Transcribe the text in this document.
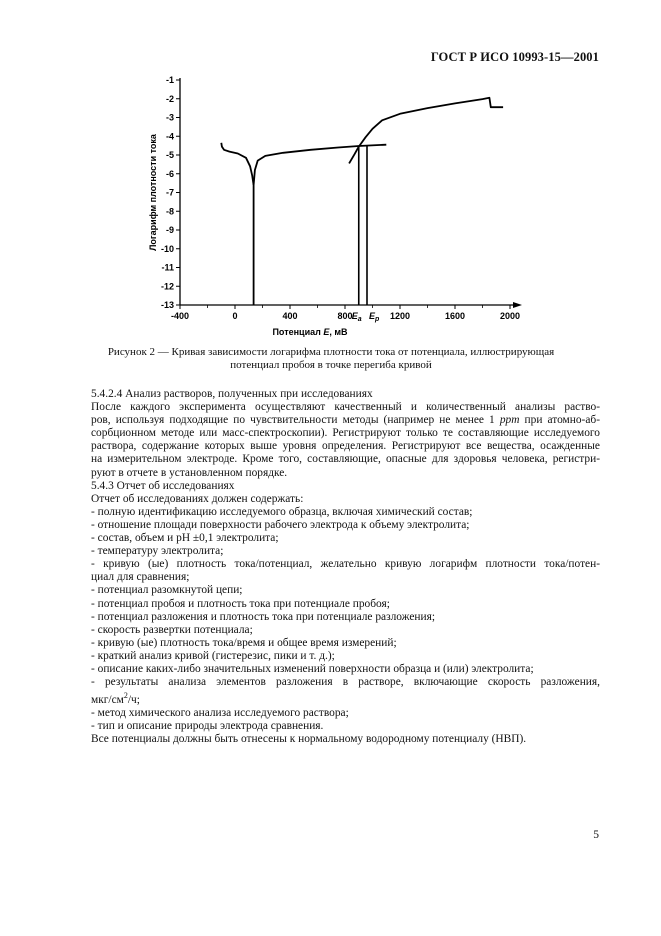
ГОСТ Р ИСО 10993-15—2001
-1
-2
-3
-4
-5
-6
-7
-8
-9
-10
-11
-12
-13
-400	0	400	800	1200	1600	2000
$E_a$ $E_p$
Логарифм плотности тока
Потенциал E, мВ
Рисунок 2 — Кривая зависимости логарифма плотности тока от потенциала, иллюстрирующая
потенциал пробоя в точке перегиба кривой

5.4.2.4 Анализ растворов, полученных при исследованиях

После каждого эксперимента осуществляют качественный и количественный анализы раство-
ров, используя подходящие по чувствительности методы (например не менее 1 ppm при атомно-аб-
сорбционном методе или масс-спектроскопии). Регистрируют только те составляющие исследуемого
раствора, содержание которых выше уровня определения. Регистрируют все вещества, осажденные
на измерительном электроде. Кроме того, составляющие, опасные для здоровья человека, регистри-
руют в отчете в установленном порядке.

5.4.3 Отчет об исследованиях

Отчет об исследованиях должен содержать:

- полную идентификацию исследуемого образца, включая химический состав;
- отношение площади поверхности рабочего электрода к объему электролита;
- состав, объем и pH ±0,1 электролита;
- температуру электролита;
- кривую (ые) плотность тока/потенциал, желательно кривую логарифм плотности тока/потен-
циал для сравнения;
- потенциал разомкнутой цепи;
- потенциал пробоя и плотность тока при потенциале пробоя;
- потенциал разложения и плотность тока при потенциале разложения;
- скорость развертки потенциала;
- кривую (ые) плотность тока/время и общее время измерений;
- краткий анализ кривой (гистерезис, пики и т. д.);
- описание каких-либо значительных изменений поверхности образца и (или) электролита;
- результаты анализа элементов разложения в растворе, включающие скорость разложения,

мкг/$см^2/ч$;

- метод химического анализа исследуемого раствора;
- тип и описание природы электрода сравнения.

Все потенциалы должны быть отнесены к нормальному водородному потенциалу (НВП).

5
